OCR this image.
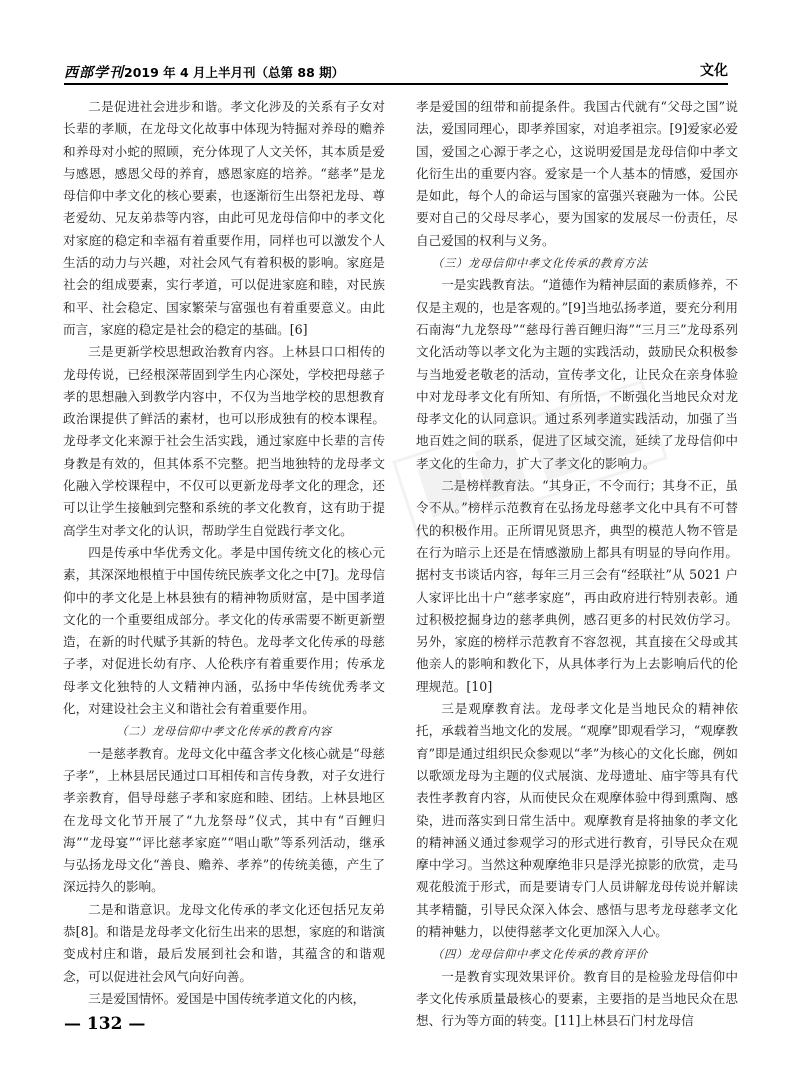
西部学刊2019 年 4 月上半月刊（总第 88 期）	文化

二是促进社会进步和谐。孝文化涉及的关系有子女对长辈的孝顺，在龙母文化故事中体现为特掘对养母的赡养和养母对小蛇的照顾，充分体现了人文关怀，其本质是爱与感恩，感恩父母的养育，感恩家庭的培养。“慈孝”是龙母信仰中孝文化的核心要素，也逐渐衍生出祭祀龙母、尊老爱幼、兄友弟恭等内容，由此可见龙母信仰中的孝文化对家庭的稳定和幸福有着重要作用，同样也可以激发个人生活的动力与兴趣，对社会风气有着积极的影响。家庭是社会的组成要素，实行孝道，可以促进家庭和睦，对民族和平、社会稳定、国家繁荣与富强也有着重要意义。由此而言，家庭的稳定是社会的稳定的基础。[6]

三是更新学校思想政治教育内容。上林县口口相传的龙母传说，已经根深蒂固到学生内心深处，学校把母慈子孝的思想融入到教学内容中，不仅为当地学校的思想教育政治课提供了鲜活的素材，也可以形成独有的校本课程。龙母孝文化来源于社会生活实践，通过家庭中长辈的言传身教是有效的，但其体系不完整。把当地独特的龙母孝文化融入学校课程中，不仅可以更新龙母孝文化的理念，还可以让学生接触到完整和系统的孝文化教育，这有助于提高学生对孝文化的认识，帮助学生自觉践行孝文化。

四是传承中华优秀文化。孝是中国传统文化的核心元素，其深深地根植于中国传统民族孝文化之中[7]。龙母信仰中的孝文化是上林县独有的精神物质财富，是中国孝道文化的一个重要组成部分。孝文化的传承需要不断更新塑造，在新的时代赋予其新的特色。龙母孝文化传承的母慈子孝，对促进长幼有序、人伦秩序有着重要作用；传承龙母孝文化独特的人文精神内涵，弘扬中华传统优秀孝文化，对建设社会主义和谐社会有着重要作用。

（二）龙母信仰中孝文化传承的教育内容

一是慈孝教育。龙母文化中蕴含孝文化核心就是“母慈子孝”，上林县居民通过口耳相传和言传身教，对子女进行孝亲教育，倡导母慈子孝和家庭和睦、团结。上林县地区在龙母文化节开展了“九龙祭母”仪式，其中有“百鲤归海”“龙母宴”“评比慈孝家庭”“唱山歌”等系列活动，继承与弘扬龙母文化“善良、赡养、孝养”的传统美德，产生了深远持久的影响。

二是和谐意识。龙母文化传承的孝文化还包括兄友弟恭[8]。和谐是龙母孝文化衍生出来的思想，家庭的和谐演变成村庄和谐，最后发展到社会和谐，其蕴含的和谐观念，可以促进社会风气向好向善。

三是爱国情怀。爱国是中国传统孝道文化的内核，

孝是爱国的纽带和前提条件。我国古代就有“父母之国”说法，爱国同理心，即孝养国家，对追孝祖宗。[9]爱家必爱国，爱国之心源于孝之心，这说明爱国是龙母信仰中孝文化衍生出的重要内容。爱家是一个人基本的情感，爱国亦是如此，每个人的命运与国家的富强兴衰融为一体。公民要对自己的父母尽孝心，要为国家的发展尽一份责任，尽自己爱国的权利与义务。

（三）龙母信仰中孝文化传承的教育方法

一是实践教育法。“道德作为精神层面的素质修养，不仅是主观的，也是客观的。”[9]当地弘扬孝道，要充分利用石南海“九龙祭母”“慈母行善百鲤归海”“三月三”龙母系列文化活动等以孝文化为主题的实践活动，鼓励民众积极参与当地爱老敬老的活动，宣传孝文化，让民众在亲身体验中对龙母孝文化有所知、有所悟，不断强化当地民众对龙母孝文化的认同意识。通过系列孝道实践活动，加强了当地百姓之间的联系，促进了区域交流，延续了龙母信仰中孝文化的生命力，扩大了孝文化的影响力。

二是榜样教育法。“其身正，不令而行；其身不正，虽令不从。”榜样示范教育在弘扬龙母慈孝文化中具有不可替代的积极作用。正所谓见贤思齐，典型的模范人物不管是在行为暗示上还是在情感激励上都具有明显的导向作用。据村支书谈话内容，每年三月三会有“经联社”从 5021 户人家评比出十户“慈孝家庭”，再由政府进行特别表彰。通过积极挖掘身边的慈孝典例，感召更多的村民效仿学习。另外，家庭的榜样示范教育不容忽视，其直接在父母或其他亲人的影响和教化下，从具体孝行为上去影响后代的伦理规范。[10]

三是观摩教育法。龙母孝文化是当地民众的精神依托，承载着当地文化的发展。“观摩”即观看学习，“观摩教育”即是通过组织民众参观以“孝”为核心的文化长廊，例如以歌颂龙母为主题的仪式展演、龙母遗址、庙宇等具有代表性孝教育内容，从而使民众在观摩体验中得到熏陶、感染，进而落实到日常生活中。观摩教育是将抽象的孝文化的精神涵义通过参观学习的形式进行教育，引导民众在观摩中学习。当然这种观摩绝非只是浮光掠影的欣赏，走马观花般流于形式，而是要请专门人员讲解龙母传说并解读其孝精髓，引导民众深入体会、感悟与思考龙母慈孝文化的精神魅力，以使得慈孝文化更加深入人心。

（四）龙母信仰中孝文化传承的教育评价

一是教育实现效果评价。教育目的是检验龙母信仰中孝文化传承质量最核心的要素，主要指的是当地民众在思想、行为等方面的转变。[11]上林县石门村龙母信

— 132 —
